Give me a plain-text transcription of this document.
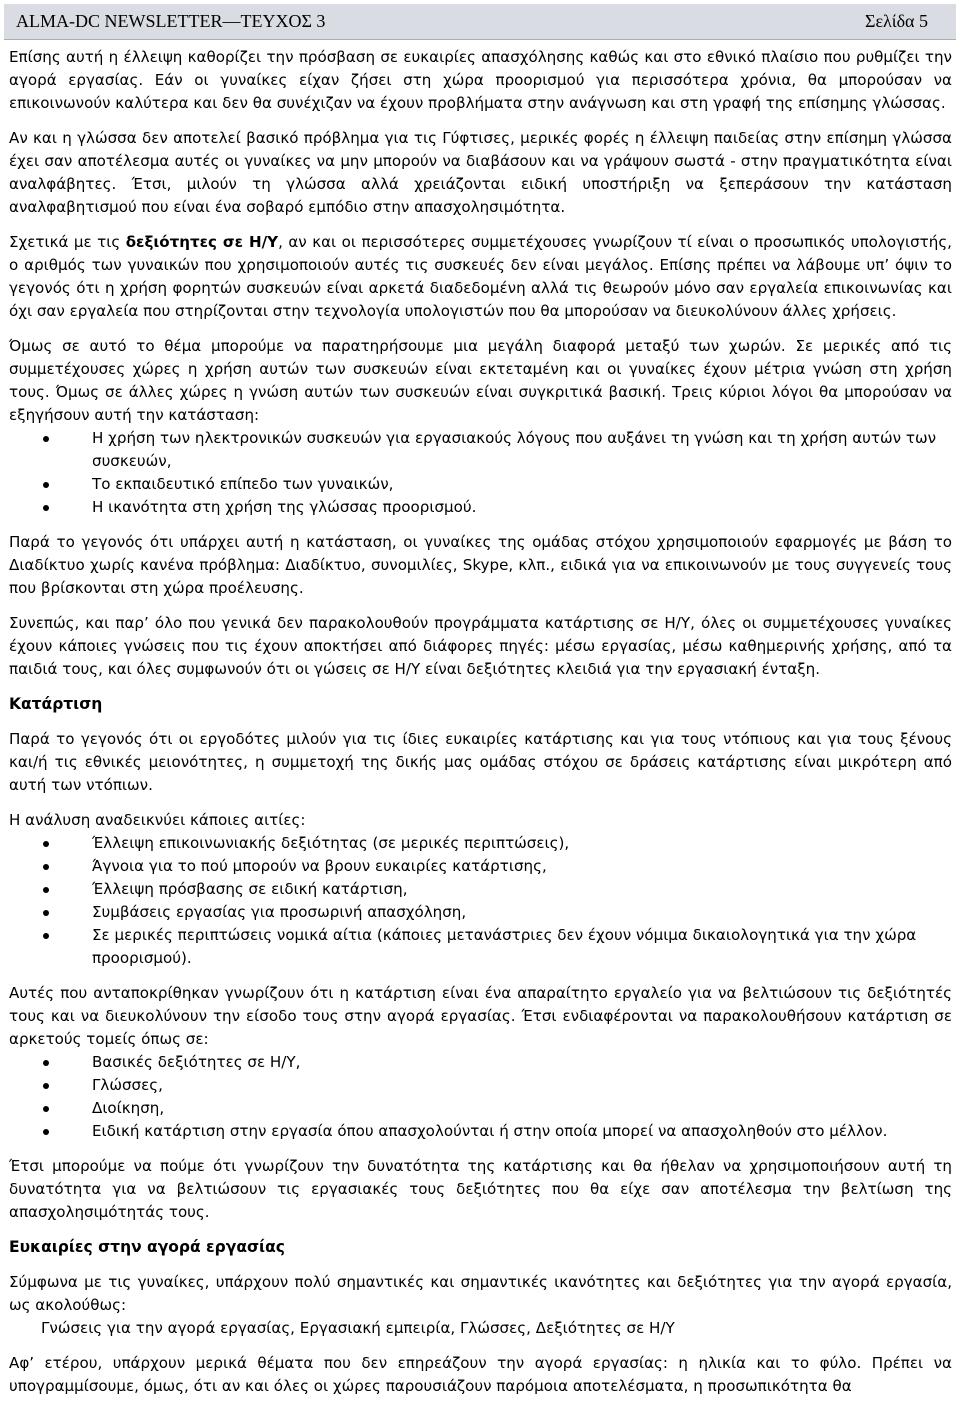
ALMA-DC NEWSLETTER—ΤΕΥΧΟΣ 3	Σελίδα 5

Επίσης αυτή η έλλειψη καθορίζει την πρόσβαση σε ευκαιρίες απασχόλησης καθώς και στο εθνικό πλαίσιο που ρυθμίζει την αγορά εργασίας. Εάν οι γυναίκες είχαν ζήσει στη χώρα προορισμού για περισσότερα χρόνια, θα μπορούσαν να επικοινωνούν καλύτερα και δεν θα συνέχιζαν να έχουν προβλήματα στην ανάγνωση και στη γραφή της επίσημης γλώσσας.

Αν και η γλώσσα δεν αποτελεί βασικό πρόβλημα για τις Γύφτισες, μερικές φορές η έλλειψη παιδείας στην επίσημη γλώσσα έχει σαν αποτέλεσμα αυτές οι γυναίκες να μην μπορούν να διαβάσουν και να γράψουν σωστά - στην πραγματικότητα είναι αναλφάβητες. Έτσι, μιλούν τη γλώσσα αλλά χρειάζονται ειδική υποστήριξη να ξεπεράσουν την κατάσταση αναλφαβητισμού που είναι ένα σοβαρό εμπόδιο στην απασχολησιμότητα.

Σχετικά με τις δεξιότητες σε Η/Υ, αν και οι περισσότερες συμμετέχουσες γνωρίζουν τί είναι ο προσωπικός υπολογιστής, ο αριθμός των γυναικών που χρησιμοποιούν αυτές τις συσκευές δεν είναι μεγάλος. Επίσης πρέπει να λάβουμε υπ’ όψιν το γεγονός ότι η χρήση φορητών συσκευών είναι αρκετά διαδεδομένη αλλά τις θεωρούν μόνο σαν εργαλεία επικοινωνίας και όχι σαν εργαλεία που στηρίζονται στην τεχνολογία υπολογιστών που θα μπορούσαν να διευκολύνουν άλλες χρήσεις.

Όμως σε αυτό το θέμα μπορούμε να παρατηρήσουμε μια μεγάλη διαφορά μεταξύ των χωρών. Σε μερικές από τις συμμετέχουσες χώρες η χρήση αυτών των συσκευών είναι εκτεταμένη και οι γυναίκες έχουν μέτρια γνώση στη χρήση τους. Όμως σε άλλες χώρες η γνώση αυτών των συσκευών είναι συγκριτικά βασική. Τρεις κύριοι λόγοι θα μπορούσαν να εξηγήσουν αυτή την κατάσταση:

Η χρήση των ηλεκτρονικών συσκευών για εργασιακούς λόγους που αυξάνει τη γνώση και τη χρήση αυτών των συσκευών,
Το εκπαιδευτικό επίπεδο των γυναικών,
Η ικανότητα στη χρήση της γλώσσας προορισμού.

Παρά το γεγονός ότι υπάρχει αυτή η κατάσταση, οι γυναίκες της ομάδας στόχου χρησιμοποιούν εφαρμογές με βάση το Διαδίκτυο χωρίς κανένα πρόβλημα: Διαδίκτυο, συνομιλίες, Skype, κλπ., ειδικά για να επικοινωνούν με τους συγγενείς τους που βρίσκονται στη χώρα προέλευσης.

Συνεπώς, και παρ’ όλο που γενικά δεν παρακολουθούν προγράμματα κατάρτισης σε Η/Υ, όλες οι συμμετέχουσες γυναίκες έχουν κάποιες γνώσεις που τις έχουν αποκτήσει από διάφορες πηγές: μέσω εργασίας, μέσω καθημερινής χρήσης, από τα παιδιά τους, και όλες συμφωνούν ότι οι γώσεις σε Η/Υ είναι δεξιότητες κλειδιά για την εργασιακή ένταξη.

Κατάρτιση

Παρά το γεγονός ότι οι εργοδότες μιλούν για τις ίδιες ευκαιρίες κατάρτισης και για τους ντόπιους και για τους ξένους και/ή τις εθνικές μειονότητες, η συμμετοχή της δικής μας ομάδας στόχου σε δράσεις κατάρτισης είναι μικρότερη από αυτή των ντόπιων.

Η ανάλυση αναδεικνύει κάποιες αιτίες:

Έλλειψη επικοινωνιακής δεξιότητας (σε μερικές περιπτώσεις),
Άγνοια για το πού μπορούν να βρουν ευκαιρίες κατάρτισης,
Έλλειψη πρόσβασης σε ειδική κατάρτιση,
Συμβάσεις εργασίας για προσωρινή απασχόληση,
Σε μερικές περιπτώσεις νομικά αίτια (κάποιες μετανάστριες δεν έχουν νόμιμα δικαιολογητικά για την χώρα προορισμού).

Αυτές που ανταποκρίθηκαν γνωρίζουν ότι η κατάρτιση είναι ένα απαραίτητο εργαλείο για να βελτιώσουν τις δεξιότητές τους και να διευκολύνουν την είσοδο τους στην αγορά εργασίας. Έτσι ενδιαφέρονται να παρακολουθήσουν κατάρτιση σε αρκετούς τομείς όπως σε:

Βασικές δεξιότητες σε Η/Υ,
Γλώσσες,
Διοίκηση,
Ειδική κατάρτιση στην εργασία όπου απασχολούνται ή στην οποία μπορεί να απασχοληθούν στο μέλλον.

Έτσι μπορούμε να πούμε ότι γνωρίζουν την δυνατότητα της κατάρτισης και θα ήθελαν να χρησιμοποιήσουν αυτή τη δυνατότητα για να βελτιώσουν τις εργασιακές τους δεξιότητες που θα είχε σαν αποτέλεσμα την βελτίωση της απασχολησιμότητάς τους.

Ευκαιρίες στην αγορά εργασίας

Σύμφωνα με τις γυναίκες, υπάρχουν πολύ σημαντικές και σημαντικές ικανότητες και δεξιότητες για την αγορά εργασία, ως ακολούθως:

Γνώσεις για την αγορά εργασίας, Εργασιακή εμπειρία, Γλώσσες, Δεξιότητες σε Η/Υ

Αφ’ ετέρου, υπάρχουν μερικά θέματα που δεν επηρεάζουν την αγορά εργασίας: η ηλικία και το φύλο. Πρέπει να υπογραμμίσουμε, όμως, ότι αν και όλες οι χώρες παρουσιάζουν παρόμοια αποτελέσματα, η προσωπικότητα θα
